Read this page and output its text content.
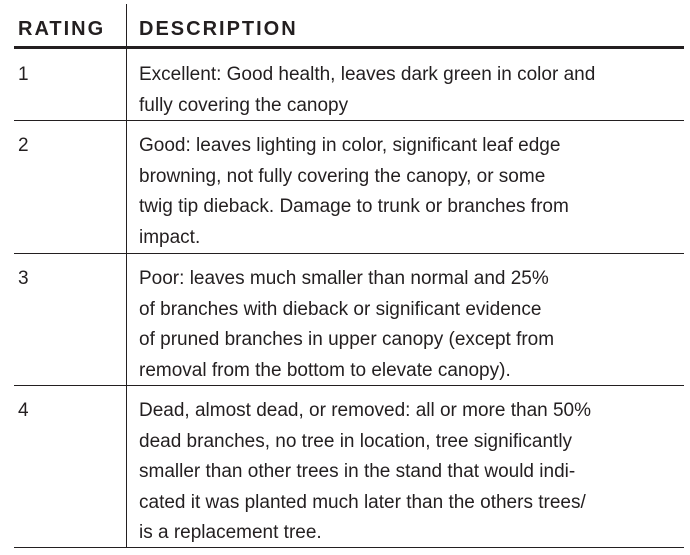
RATING DESCRIPTION
1	Excellent: Good health, leaves dark green in color and
fully covering the canopy
2	Good: leaves lighting in color, significant leaf edge
browning, not fully covering the canopy, or some
twig tip dieback. Damage to trunk or branches from
impact.
3	Poor: leaves much smaller than normal and 25%
of branches with dieback or significant evidence
of pruned branches in upper canopy (except from
removal from the bottom to elevate canopy).
4	Dead, almost dead, or removed: all or more than 50%
dead branches, no tree in location, tree significantly
smaller than other trees in the stand that would indi-
cated it was planted much later than the others trees/
is a replacement tree.
